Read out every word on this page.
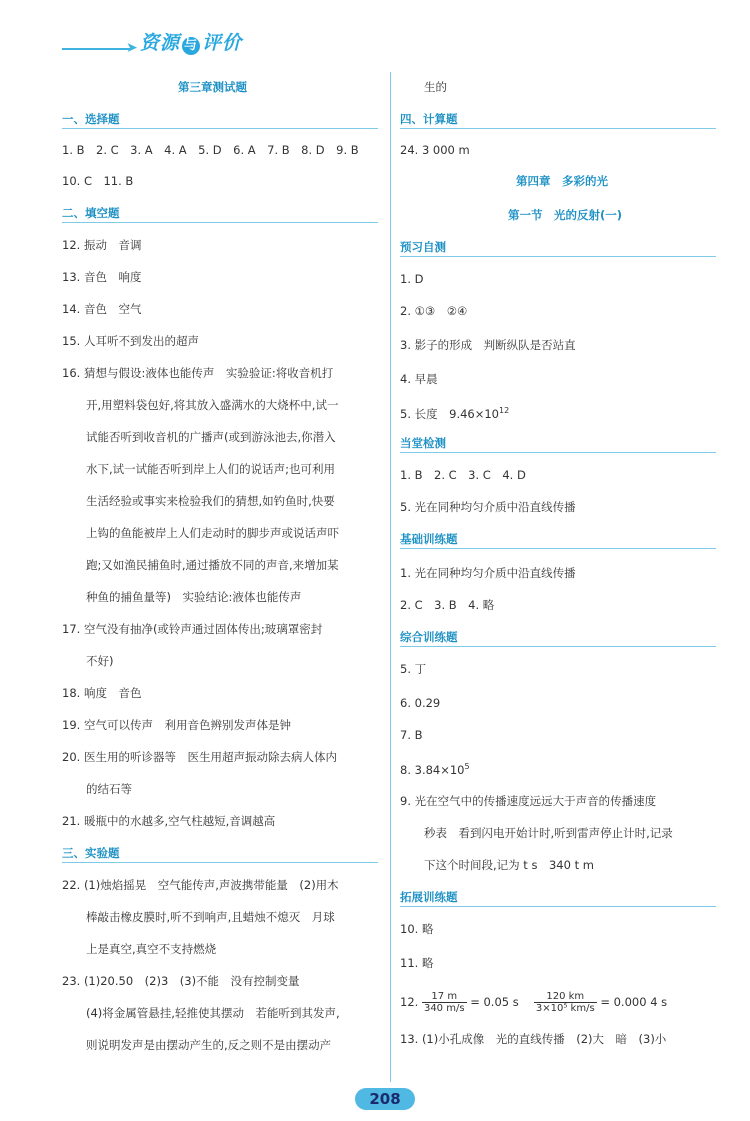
➤ 资源 与 评价
第三章测试题
一、选择题
1. B　2. C　3. A　4. A　5. D　6. A　7. B　8. D　9. B
10. C　11. B
二、填空题
12. 振动　音调
13. 音色　响度
14. 音色　空气
15. 人耳听不到发出的超声
16. 猜想与假设:液体也能传声　实验验证:将收音机打
开,用塑料袋包好,将其放入盛满水的大烧杯中,试一
试能否听到收音机的广播声(或到游泳池去,你潜入
水下,试一试能否听到岸上人们的说话声;也可利用
生活经验或事实来检验我们的猜想,如钓鱼时,快要
上钩的鱼能被岸上人们走动时的脚步声或说话声吓
跑;又如渔民捕鱼时,通过播放不同的声音,来增加某
种鱼的捕鱼量等)　实验结论:液体也能传声
17. 空气没有抽净(或铃声通过固体传出;玻璃罩密封
不好)
18. 响度　音色
19. 空气可以传声　利用音色辨别发声体是钟
20. 医生用的听诊器等　医生用超声振动除去病人体内
的结石等
21. 暖瓶中的水越多,空气柱越短,音调越高
三、实验题
22. (1)烛焰摇晃　空气能传声,声波携带能量　(2)用木
棒敲击橡皮膜时,听不到响声,且蜡烛不熄灭　月球
上是真空,真空不支持燃烧
23. (1)20.50　(2)3　(3)不能　没有控制变量
(4)将金属管悬挂,轻推使其摆动　若能听到其发声,
则说明发声是由摆动产生的,反之则不是由摆动产
生的
四、计算题
24. 3 000 m
第四章　多彩的光
第一节　光的反射(一)
预习自测
1. D
2. ①③　②④
3. 影子的形成　判断纵队是否站直
4. 早晨
5. 长度　$9.46\times 10^{12}$
当堂检测
1. B　2. C　3. C　4. D
5. 光在同种均匀介质中沿直线传播
基础训练题
1. 光在同种均匀介质中沿直线传播
2. C　3. B　4. 略
综合训练题
5. 丁
6. 0.29
7. B
8. $3.84\times 10^5$
9. 光在空气中的传播速度远远大于声音的传播速度
秒表　看到闪电开始计时,听到雷声停止计时,记录
下这个时间段,记为 t s　340 t m
拓展训练题
10. 略
11. 略
12. $\frac{17 m}{340 m/s} = 0.05$ s　 $\frac{120 km}{\text{3×10⁵ km/s}} = 0.000$ 4 s
13. (1)小孔成像　光的直线传播　(2)大　暗　(3)小
208
